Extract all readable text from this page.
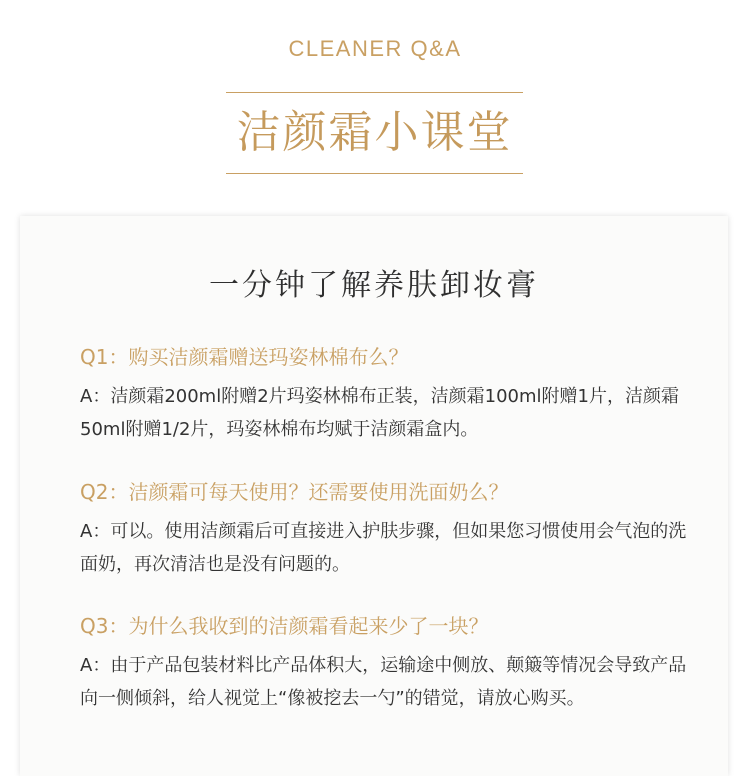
CLEANER Q&A
洁颜霜小课堂
一分钟了解养肤卸妆膏

Q1：购买洁颜霜赠送玛姿林棉布么？

A：洁颜霜200ml附赠2片玛姿林棉布正装，洁颜霜100ml附赠1片，洁颜霜50ml附赠1/2片，玛姿林棉布均赋于洁颜霜盒内。

Q2：洁颜霜可每天使用？还需要使用洗面奶么？

A：可以。使用洁颜霜后可直接进入护肤步骤，但如果您习惯使用会气泡的洗面奶，再次清洁也是没有问题的。

Q3：为什么我收到的洁颜霜看起来少了一块？

A：由于产品包装材料比产品体积大，运输途中侧放、颠簸等情况会导致产品向一侧倾斜，给人视觉上“像被挖去一勺”的错觉，请放心购买。
